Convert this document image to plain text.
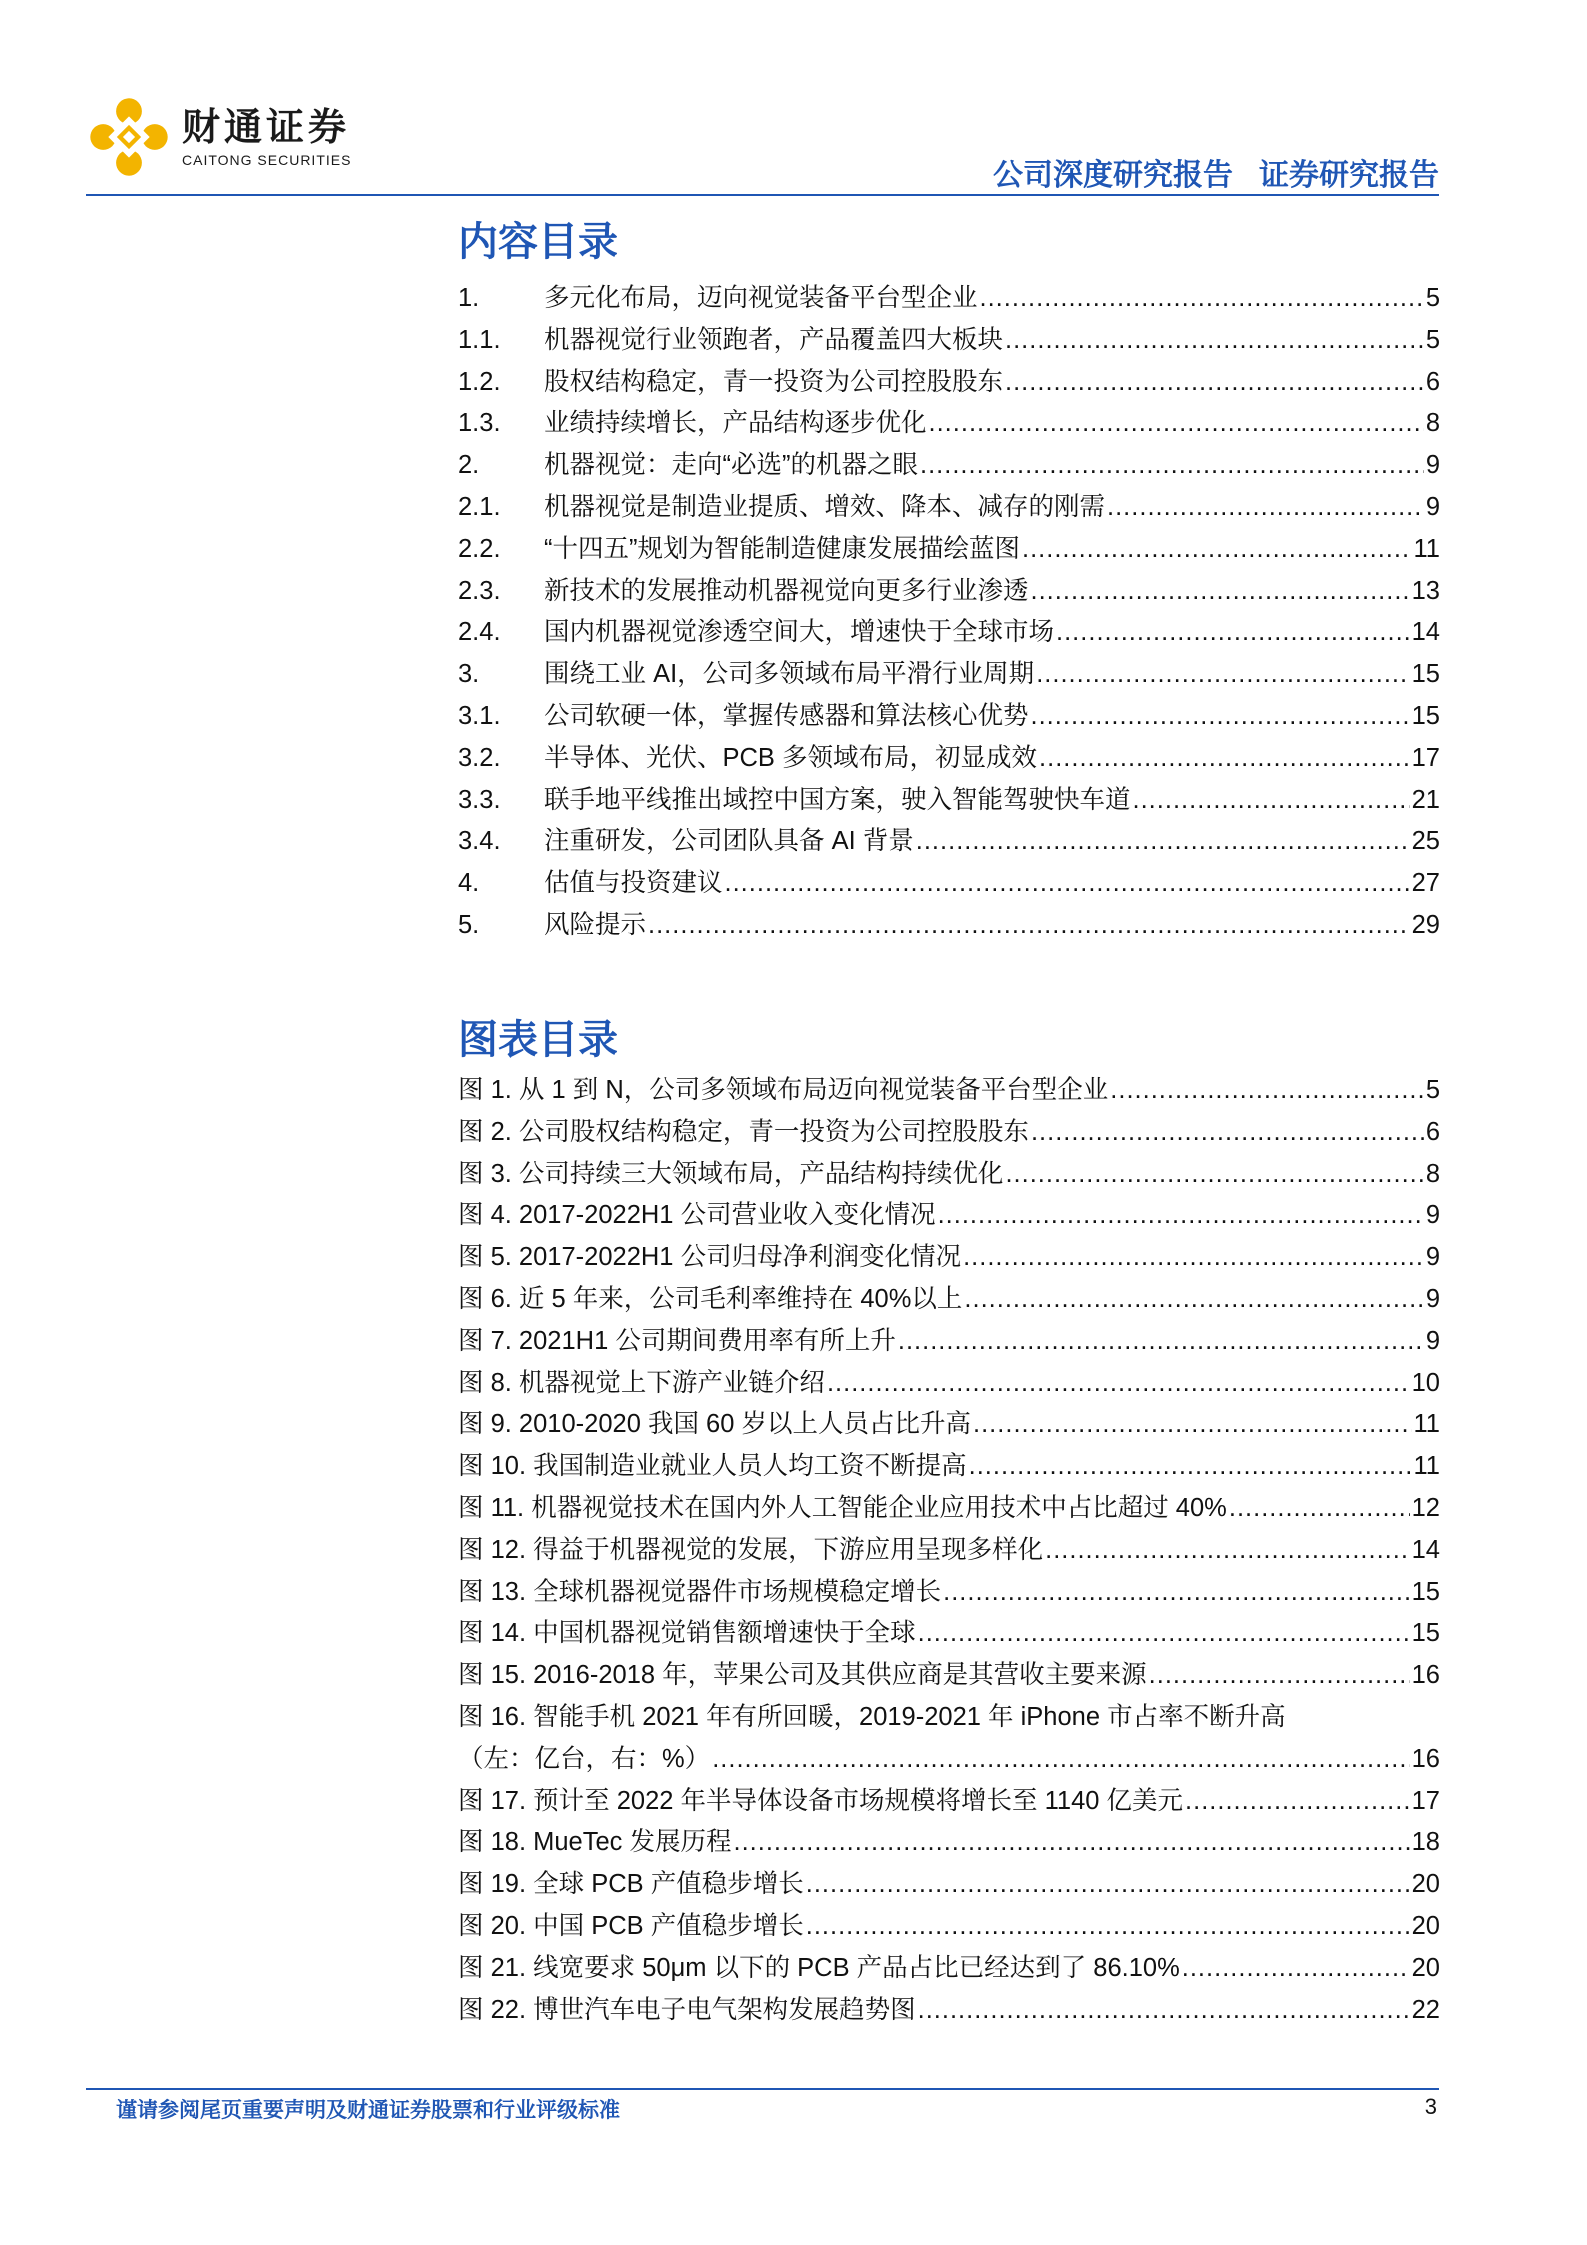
财通证券
CAITONG SECURITIES	公司深度研究报告 证券研究报告
内容目录
1.	多元化布局，迈向视觉装备平台型企业 .....	5
1.1.	机器视觉行业领跑者，产品覆盖四大板块 .....	5
1.2.	股权结构稳定，青一投资为公司控股股东 .....	6
1.3.	业绩持续增长，产品结构逐步优化 .....	8
2.	机器视觉：走向“必选”的机器之眼 .....	9
2.1.	机器视觉是制造业提质、增效、降本、减存的刚需 .....	9
2.2.	“十四五”规划为智能制造健康发展描绘蓝图 .....	11
2.3.	新技术的发展推动机器视觉向更多行业渗透 .....	13
2.4.	国内机器视觉渗透空间大，增速快于全球市场 .....	14
3.	围绕工业 AI，公司多领域布局平滑行业周期 .....	15
3.1.	公司软硬一体，掌握传感器和算法核心优势 .....	15
3.2.	半导体、光伏、PCB 多领域布局，初显成效 .....	17
3.3.	联手地平线推出域控中国方案，驶入智能驾驶快车道 .....	21
3.4.	注重研发，公司团队具备 AI 背景 .....	25
4.	估值与投资建议 .....	27
5.	风险提示 .....	29
图表目录
图 1. 从 1 到 N，公司多领域布局迈向视觉装备平台型企业 .....	5
图 2. 公司股权结构稳定，青一投资为公司控股股东 .....	6
图 3. 公司持续三大领域布局，产品结构持续优化 .....	8
图 4. 2017-2022H1 公司营业收入变化情况 .....	9
图 5. 2017-2022H1 公司归母净利润变化情况 .....	9
图 6. 近 5 年来，公司毛利率维持在 40%以上 .....	9
图 7. 2021H1 公司期间费用率有所上升 .....	9
图 8. 机器视觉上下游产业链介绍 .....	10
图 9. 2010-2020 我国 60 岁以上人员占比升高 .....	11
图 10. 我国制造业就业人员人均工资不断提高 .....	11
图 11. 机器视觉技术在国内外人工智能企业应用技术中占比超过 40% .....	12
图 12. 得益于机器视觉的发展，下游应用呈现多样化 .....	14
图 13. 全球机器视觉器件市场规模稳定增长 .....	15
图 14. 中国机器视觉销售额增速快于全球 .....	15
图 15. 2016-2018 年，苹果公司及其供应商是其营收主要来源 .....	16
图 16. 智能手机 2021 年有所回暖，2019-2021 年 iPhone 市占率不断升高
（左：亿台，右：%） .....	16
图 17. 预计至 2022 年半导体设备市场规模将增长至 1140 亿美元 .....	17
图 18. MueTec 发展历程 .....	18
图 19. 全球 PCB 产值稳步增长 .....	20
图 20. 中国 PCB 产值稳步增长 .....	20
图 21. 线宽要求 50μm 以下的 PCB 产品占比已经达到了 86.10% .....	20
图 22. 博世汽车电子电气架构发展趋势图 .....	22
谨请参阅尾页重要声明及财通证券股票和行业评级标准	3
